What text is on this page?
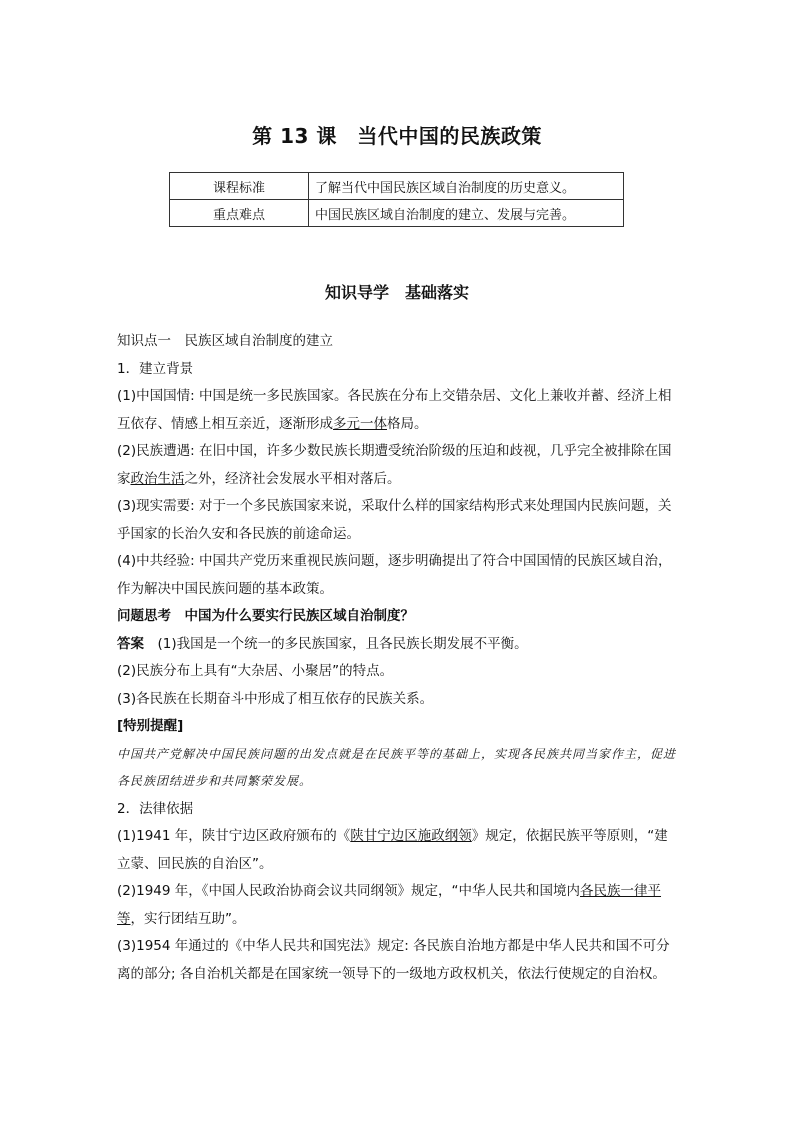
第 13 课　当代中国的民族政策
课程标准	了解当代中国民族区域自治制度的历史意义。
重点难点	中国民族区域自治制度的建立、发展与完善。
知识导学　基础落实

知识点一　民族区域自治制度的建立

1．建立背景

(1)中国国情: 中国是统一多民族国家。各民族在分布上交错杂居、文化上兼收并蓄、经济上相互依存、情感上相互亲近，逐渐形成多元一体格局。

(2)民族遭遇: 在旧中国，许多少数民族长期遭受统治阶级的压迫和歧视，几乎完全被排除在国家政治生活之外，经济社会发展水平相对落后。

(3)现实需要: 对于一个多民族国家来说，采取什么样的国家结构形式来处理国内民族问题，关乎国家的长治久安和各民族的前途命运。

(4)中共经验: 中国共产党历来重视民族问题，逐步明确提出了符合中国国情的民族区域自治，作为解决中国民族问题的基本政策。

问题思考　中国为什么要实行民族区域自治制度？

答案　(1)我国是一个统一的多民族国家，且各民族长期发展不平衡。

(2)民族分布上具有“大杂居、小聚居”的特点。

(3)各民族在长期奋斗中形成了相互依存的民族关系。

[特别提醒]

中国共产党解决中国民族问题的出发点就是在民族平等的基础上，实现各民族共同当家作主，促进各民族团结进步和共同繁荣发展。

2．法律依据

(1)1941 年，陕甘宁边区政府颁布的《陕甘宁边区施政纲领》规定，依据民族平等原则，“建立蒙、回民族的自治区”。

(2)1949 年，《中国人民政治协商会议共同纲领》规定，“中华人民共和国境内各民族一律平等，实行团结互助”。

(3)1954 年通过的《中华人民共和国宪法》规定: 各民族自治地方都是中华人民共和国不可分离的部分; 各自治机关都是在国家统一领导下的一级地方政权机关，依法行使规定的自治权。
